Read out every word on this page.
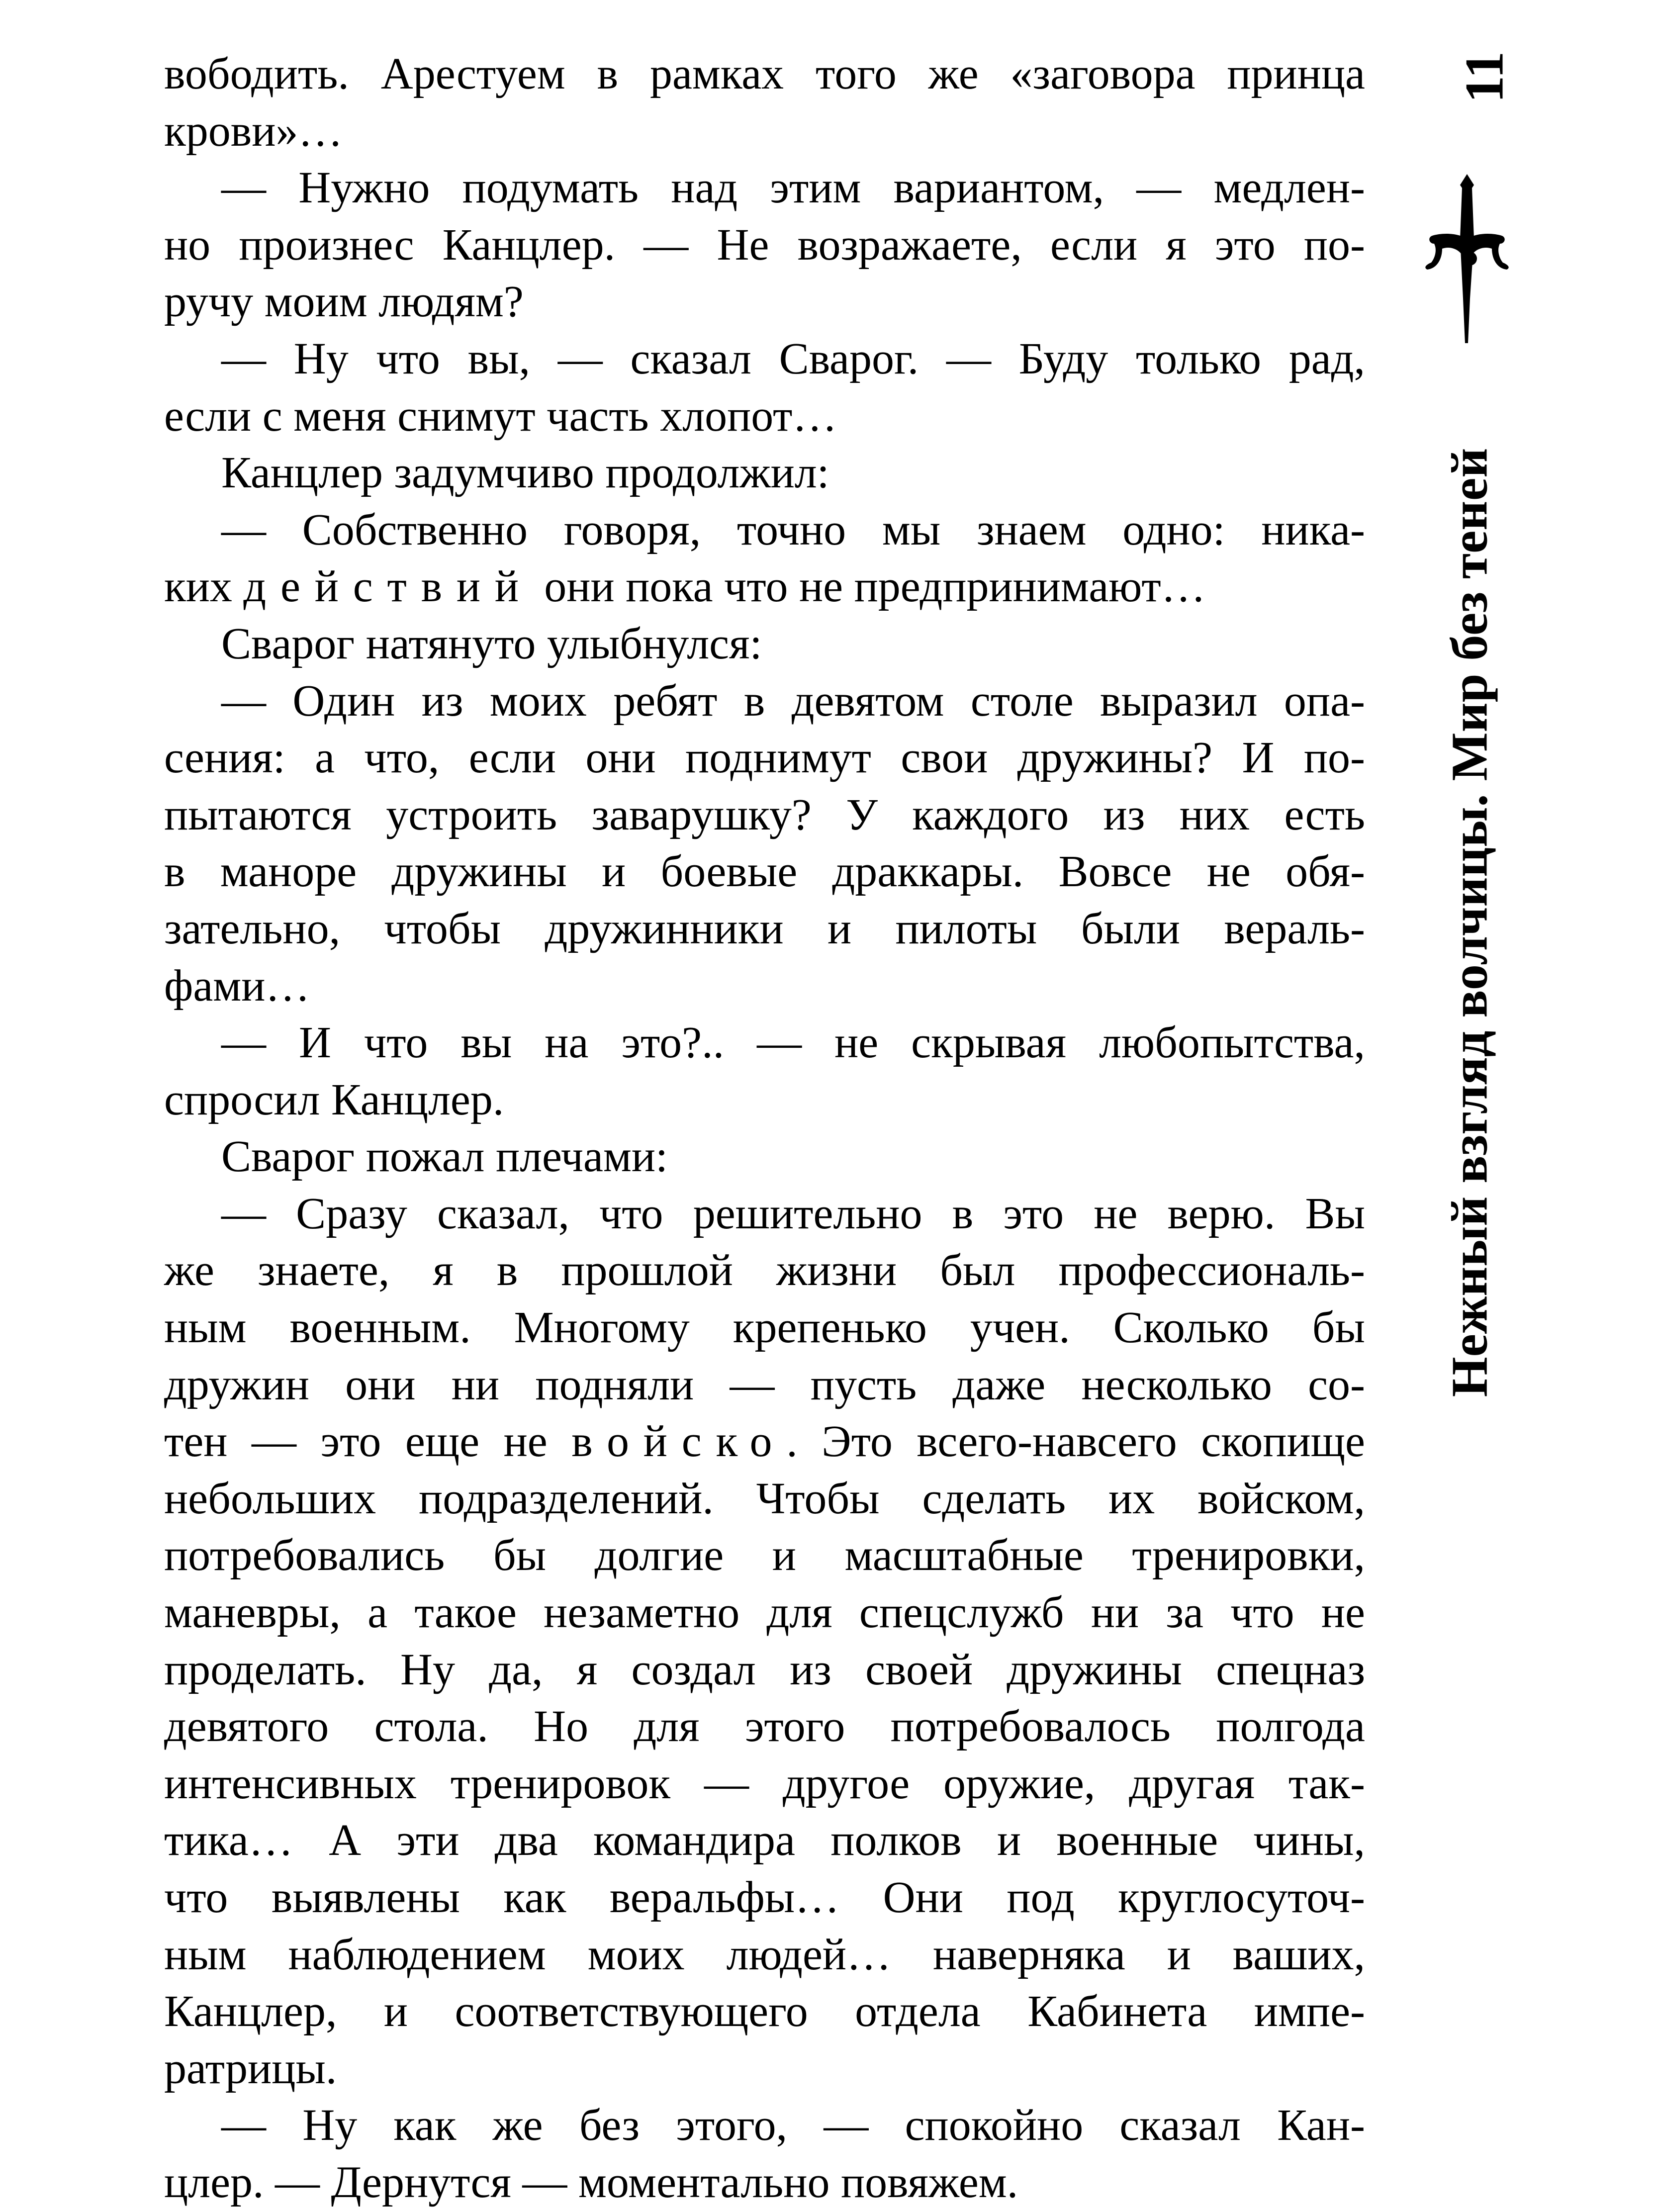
вободить. Арестуем в рамках того же «заговора принца
крови»…
— Нужно подумать над этим вариантом, — медлен-
но произнес Канцлер. — Не возражаете, если я это по-
ручу моим людям?
— Ну что вы, — сказал Сварог. — Буду только рад,
если с меня снимут часть хлопот…
Канцлер задумчиво продолжил:
— Собственно говоря, точно мы знаем одно: ника-
ких действий они пока что не предпринимают…
Сварог натянуто улыбнулся:
— Один из моих ребят в девятом столе выразил опа-
сения: а что, если они поднимут свои дружины? И по-
пытаются устроить заварушку? У каждого из них есть
в маноре дружины и боевые драккары. Вовсе не обя-
зательно, чтобы дружинники и пилоты были вераль-
фами…
— И что вы на это?.. — не скрывая любопытства,
спросил Канцлер.
Сварог пожал плечами:
— Сразу сказал, что решительно в это не верю. Вы
же знаете, я в прошлой жизни был профессиональ-
ным военным. Многому крепенько учен. Сколько бы
дружин они ни подняли — пусть даже несколько со-
тен — это еще не войско. Это всего-навсего скопище
небольших подразделений. Чтобы сделать их войском,
потребовались бы долгие и масштабные тренировки,
маневры, а такое незаметно для спецслужб ни за что не
проделать. Ну да, я создал из своей дружины спецназ
девятого стола. Но для этого потребовалось полгода
интенсивных тренировок — другое оружие, другая так-
тика… А эти два командира полков и военные чины,
что выявлены как веральфы… Они под круглосуточ-
ным наблюдением моих людей… наверняка и ваших,
Канцлер, и соответствующего отдела Кабинета импе-
ратрицы.
— Ну как же без этого, — спокойно сказал Кан-
цлер. — Дернутся — моментально повяжем.
11
Нежный взгляд волчицы. Мир без теней
